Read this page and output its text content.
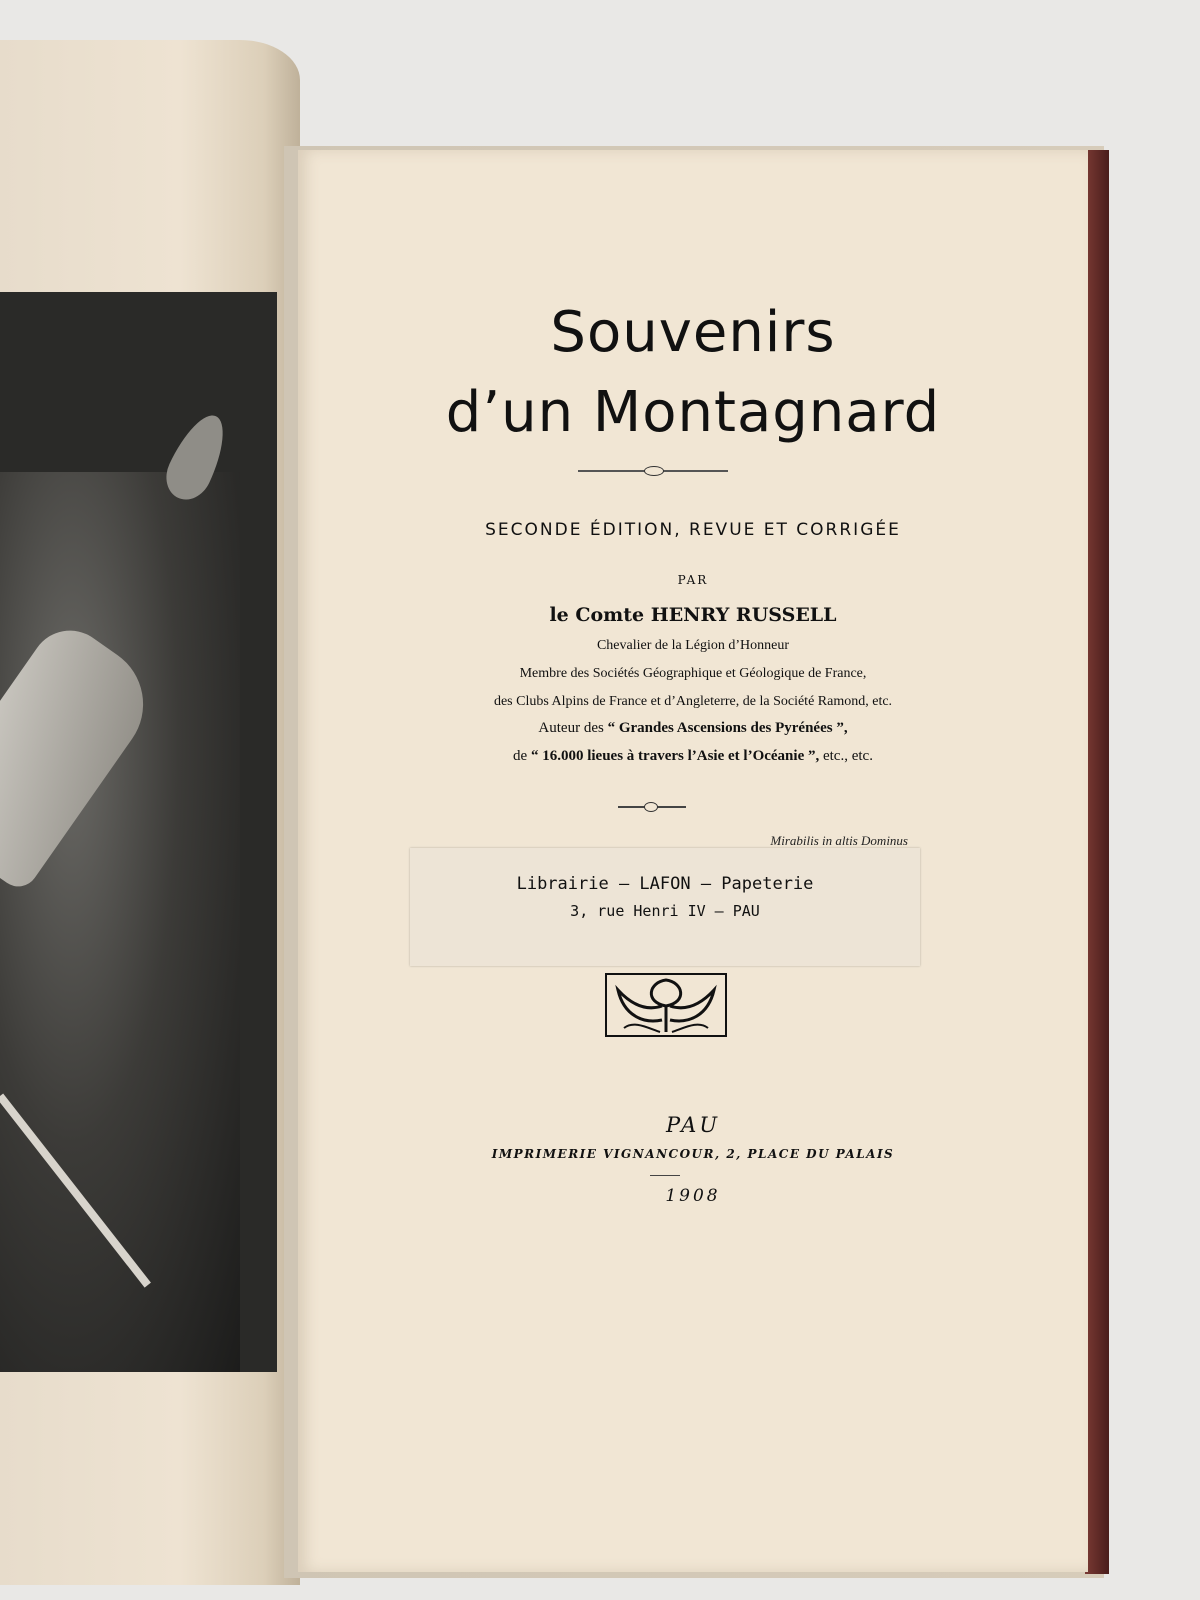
Souvenirs
d’un Montagnard
SECONDE ÉDITION, REVUE ET CORRIGÉE
PAR
le Comte HENRY RUSSELL
Chevalier de la Légion d’Honneur
Membre des Sociétés Géographique et Géologique de France,
des Clubs Alpins de France et d’Angleterre, de la Société Ramond, etc.
Auteur des “ Grandes Ascensions des Pyrénées ”,
de “ 16.000 lieues à travers l’Asie et l’Océanie ”, etc., etc.
Mirabilis in altis Dominus
Librairie — LAFON — Papeterie
3, rue Henri IV — PAU
PAU
IMPRIMERIE VIGNANCOUR, 2, PLACE DU PALAIS
1908
